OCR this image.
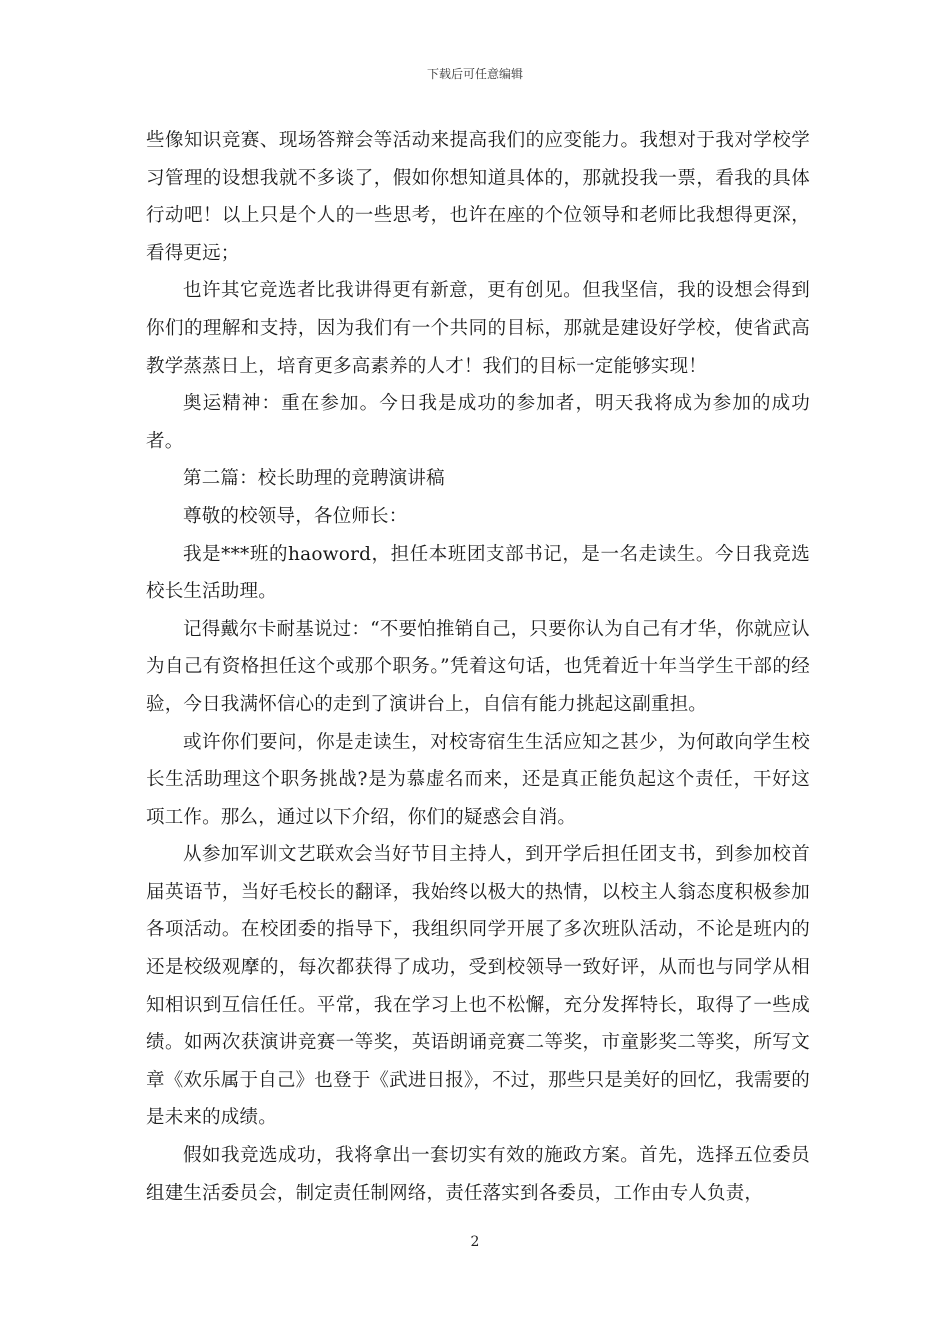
下载后可任意编辑

些像知识竞赛、现场答辩会等活动来提高我们的应变能力。我想对于我对学校学习管理的设想我就不多谈了，假如你想知道具体的，那就投我一票，看我的具体行动吧！以上只是个人的一些思考，也许在座的个位领导和老师比我想得更深，看得更远；

也许其它竞选者比我讲得更有新意，更有创见。但我坚信，我的设想会得到你们的理解和支持，因为我们有一个共同的目标，那就是建设好学校，使省武高教学蒸蒸日上，培育更多高素养的人才！我们的目标一定能够实现！

奥运精神：重在参加。今日我是成功的参加者，明天我将成为参加的成功者。

第二篇：校长助理的竞聘演讲稿

尊敬的校领导，各位师长：

我是***班的haoword，担任本班团支部书记，是一名走读生。今日我竞选校长生活助理。

记得戴尔卡耐基说过：“不要怕推销自己，只要你认为自己有才华，你就应认为自己有资格担任这个或那个职务。”凭着这句话，也凭着近十年当学生干部的经验，今日我满怀信心的走到了演讲台上，自信有能力挑起这副重担。

或许你们要问，你是走读生，对校寄宿生生活应知之甚少，为何敢向学生校长生活助理这个职务挑战?是为慕虚名而来，还是真正能负起这个责任，干好这项工作。那么，通过以下介绍，你们的疑惑会自消。

从参加军训文艺联欢会当好节目主持人，到开学后担任团支书，到参加校首届英语节，当好毛校长的翻译，我始终以极大的热情，以校主人翁态度积极参加各项活动。在校团委的指导下，我组织同学开展了多次班队活动，不论是班内的还是校级观摩的，每次都获得了成功，受到校领导一致好评，从而也与同学从相知相识到互信任任。平常，我在学习上也不松懈，充分发挥特长，取得了一些成绩。如两次获演讲竞赛一等奖，英语朗诵竞赛二等奖，市童影奖二等奖，所写文章《欢乐属于自己》也登于《武进日报》，不过，那些只是美好的回忆，我需要的是未来的成绩。

假如我竞选成功，我将拿出一套切实有效的施政方案。首先，选择五位委员组建生活委员会，制定责任制网络，责任落实到各委员，工作由专人负责，

2
